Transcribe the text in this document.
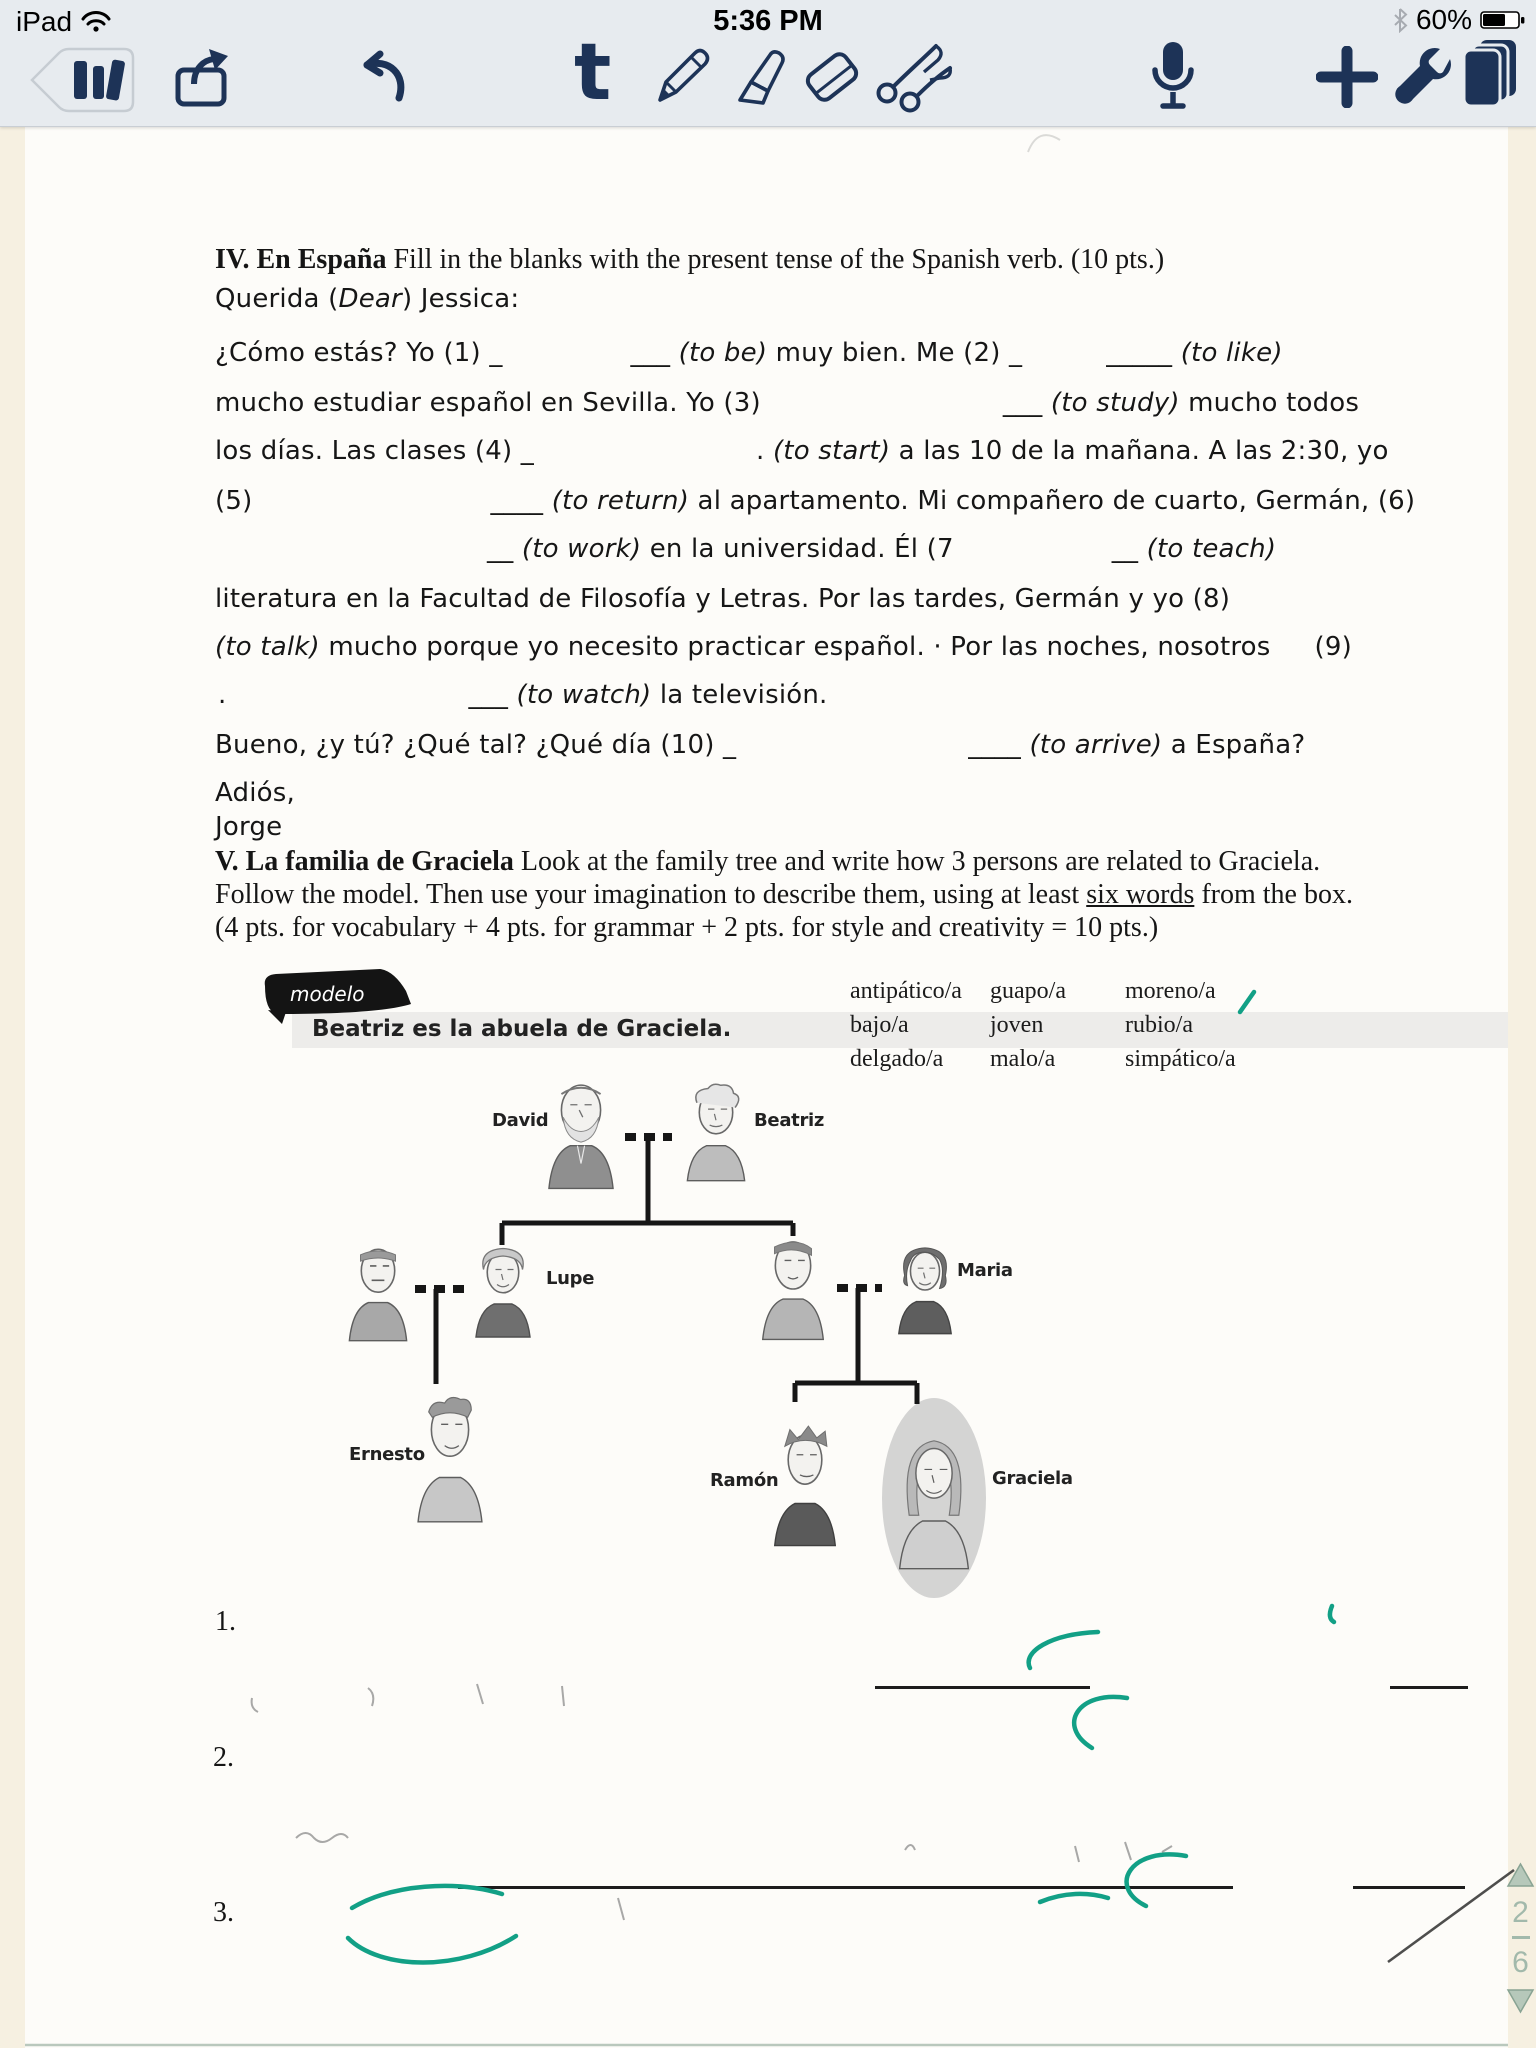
iPad	5:36 PM	60%
t
IV. En España Fill in the blanks with the present tense of the Spanish verb. (10 pts.)
Querida (Dear) Jessica:
¿Cómo estás? Yo (1) _	___ (to be) muy bien. Me (2) _	_____ (to like)
mucho estudiar español en Sevilla. Yo (3)	___ (to study) mucho todos
los días. Las clases (4) _	. (to start) a las 10 de la mañana. A las 2:30, yo
(5)	____ (to return) al apartamento. Mi compañero de cuarto, Germán, (6)
__ (to work) en la universidad. Él (7	__ (to teach)
literatura en la Facultad de Filosofía y Letras. Por las tardes, Germán y yo (8)
(to talk) mucho porque yo necesito practicar español. · Por las noches, nosotros (9)
.	___ (to watch) la televisión.
Bueno, ¿y tú? ¿Qué tal? ¿Qué día (10) _	____ (to arrive) a España?
Adiós,
Jorge
V. La familia de Graciela Look at the family tree and write how 3 persons are related to Graciela.
Follow the model. Then use your imagination to describe them, using at least six words from the box.
(4 pts. for vocabulary + 4 pts. for grammar + 2 pts. for style and creativity = 10 pts.)
antipático/a	guapo/a	moreno/a
bajo/a	joven	rubio/a
delgado/a	malo/a	simpático/a
modelo
Beatriz es la abuela de Graciela.
David	Beatriz
Lupe	Maria
Ernesto
Ramón	Graciela
1.
2.
3.	2
6
